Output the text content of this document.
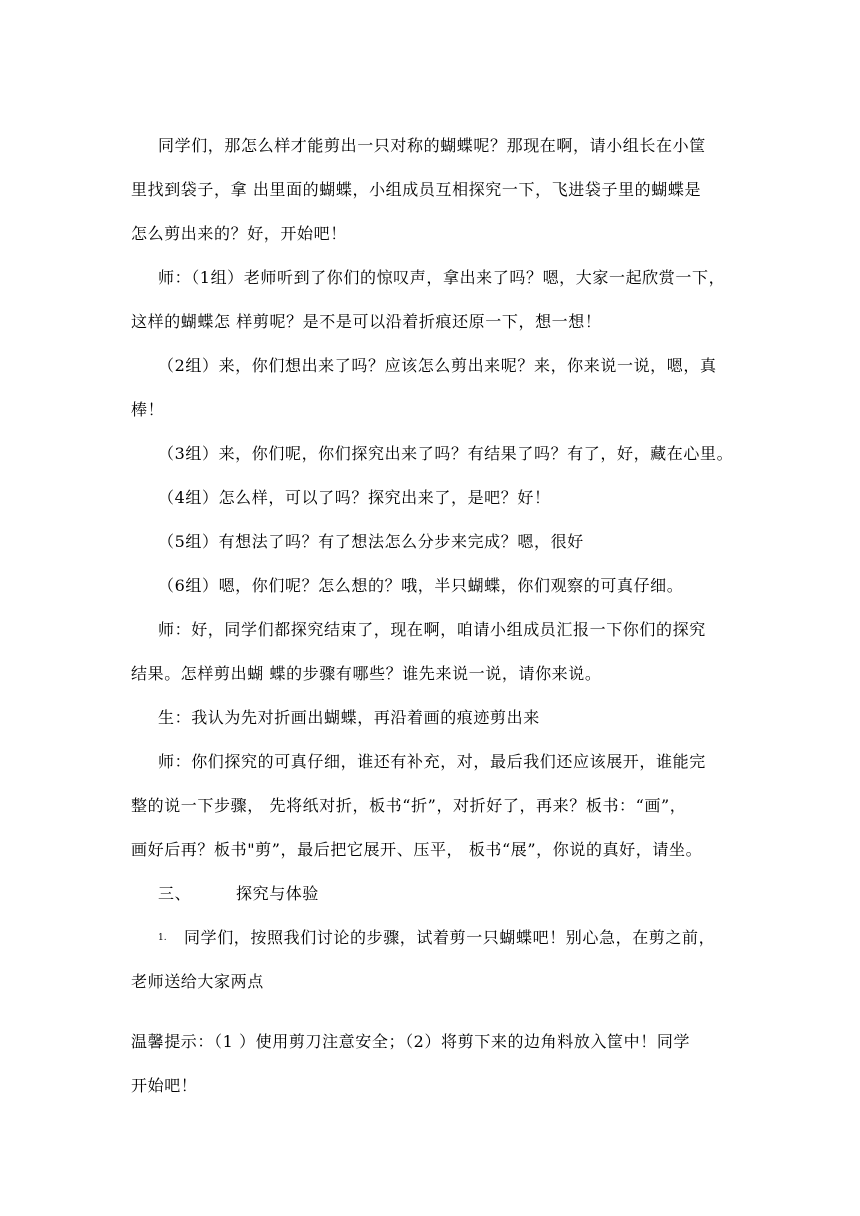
同学们，那怎么样才能剪出一只对称的蝴蝶呢？那现在啊，请小组长在小筐
里找到袋子，拿 出里面的蝴蝶，小组成员互相探究一下，飞进袋子里的蝴蝶是
怎么剪出来的？好，开始吧！
师：（1组）老师听到了你们的惊叹声，拿出来了吗？嗯，大家一起欣赏一下，
这样的蝴蝶怎 样剪呢？是不是可以沿着折痕还原一下，想一想！
（2组）来，你们想出来了吗？应该怎么剪出来呢？来，你来说一说，嗯，真
棒！
（3组）来，你们呢，你们探究出来了吗？有结果了吗？有了，好，藏在心里。
（4组）怎么样，可以了吗？探究出来了，是吧？好！
（5组）有想法了吗？有了想法怎么分步来完成？嗯，很好
（6组）嗯，你们呢？怎么想的？哦，半只蝴蝶，你们观察的可真仔细。
师：好，同学们都探究结束了，现在啊，咱请小组成员汇报一下你们的探究
结果。怎样剪出蝴 蝶的步骤有哪些？谁先来说一说，请你来说。
生：我认为先对折画出蝴蝶，再沿着画的痕迹剪出来
师：你们探究的可真仔细，谁还有补充，对，最后我们还应该展开，谁能完
整的说一下步骤， 先将纸对折，板书“折”，对折好了，再来？板书：“画”，
画好后再？板书"剪”，最后把它展开、压平， 板书“展”，你说的真好，请坐。
三、	探究与体验
1. 同学们，按照我们讨论的步骤，试着剪一只蝴蝶吧！别心急，在剪之前，
老师送给大家两点
温馨提示：（1 ）使用剪刀注意安全；（2）将剪下来的边角料放入筐中！同学
开始吧！
